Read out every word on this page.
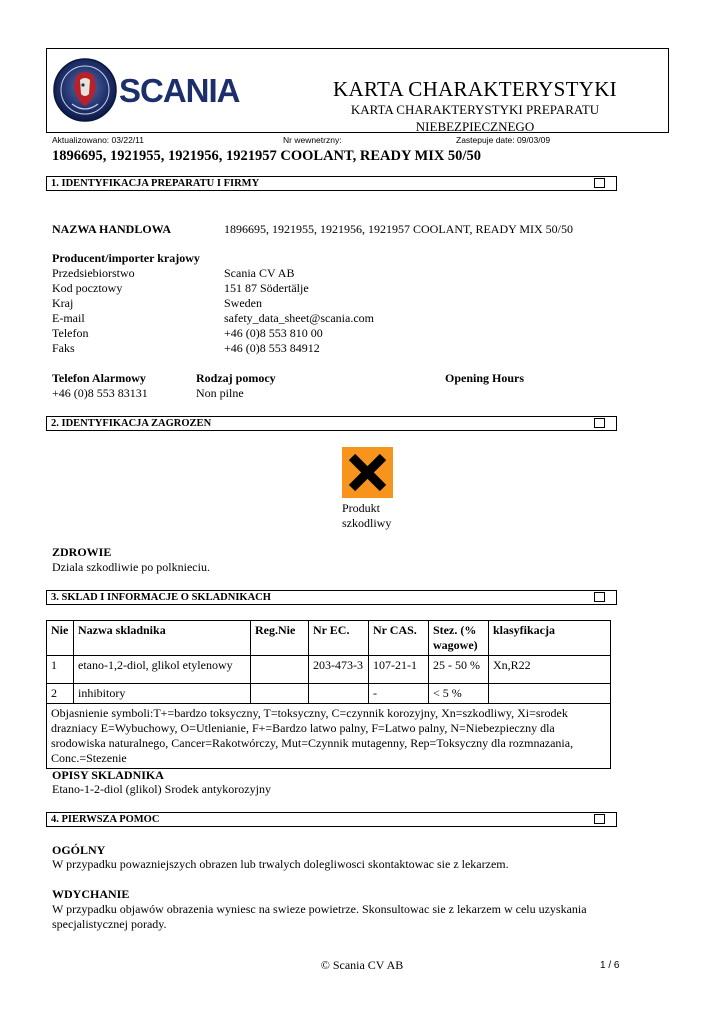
SCANIA	KARTA CHARAKTERYSTYKI
KARTA CHARAKTERYSTYKI PREPARATU
NIEBEZPIECZNEGO
Aktualizowano: 03/22/11	Nr wewnetrzny:	Zastepuje date: 09/03/09
1896695, 1921955, 1921956, 1921957 COOLANT, READY MIX 50/50
1. IDENTYFIKACJA PREPARATU I FIRMY
NAZWA HANDLOWA	1896695, 1921955, 1921956, 1921957 COOLANT, READY MIX 50/50
Producent/importer krajowy
Przedsiebiorstwo	Scania CV AB
Kod pocztowy	151 87 Södertälje
Kraj	Sweden
E-mail	safety_data_sheet@scania.com
Telefon	+46 (0)8 553 810 00
Faks	+46 (0)8 553 84912
Telefon Alarmowy	Rodzaj pomocy	Opening Hours
+46 (0)8 553 83131	Non pilne
2. IDENTYFIKACJA ZAGROZEN
Produkt
szkodliwy
ZDROWIE
Dziala szkodliwie po polknieciu.
3. SKLAD I INFORMACJE O SKLADNIKACH
Nie	Nazwa skladnika	Reg.Nie	Nr EC.	Nr CAS.	Stez. (% wagowe)	klasyfikacja
1	etano-1,2-diol, glikol etylenowy		203-473-3	107-21-1	25 - 50 %	Xn,R22
2	inhibitory			-	< 5 %	
Objasnienie symboli:T+=bardzo toksyczny, T=toksyczny, C=czynnik korozyjny, Xn=szkodliwy, Xi=srodek drazniacy E=Wybuchowy, O=Utlenianie, F+=Bardzo latwo palny, F=Latwo palny, N=Niebezpieczny dla srodowiska naturalnego, Cancer=Rakotwórczy, Mut=Czynnik mutagenny, Rep=Toksyczny dla rozmnazania, Conc.=Stezenie						
OPISY SKLADNIKA
Etano-1-2-diol (glikol) Srodek antykorozyjny
4. PIERWSZA POMOC
OGÓLNY
W przypadku powazniejszych obrazen lub trwalych dolegliwosci skontaktowac sie z lekarzem.
WDYCHANIE
W przypadku objawów obrazenia wyniesc na swieze powietrze. Skonsultowac sie z lekarzem w celu uzyskania
specjalistycznej porady.
© Scania CV AB	1 / 6
